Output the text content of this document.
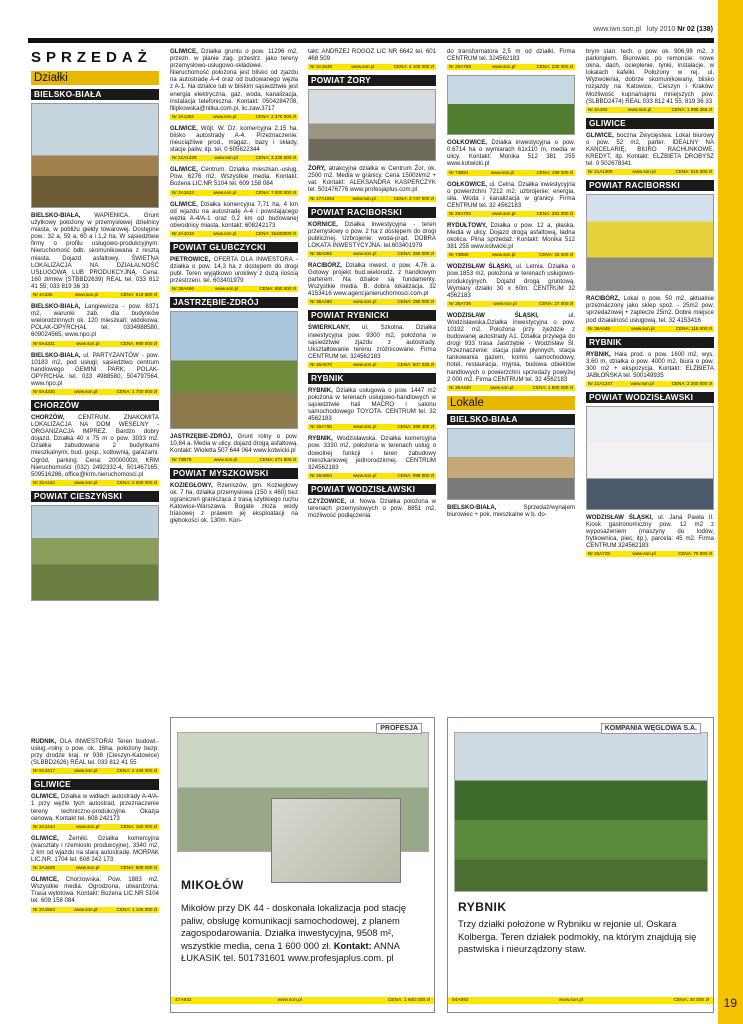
www.iwn.son.pl luty 2010 Nr 02 (138)
19
SPRZEDAŻ
Działki
BIELSKO-BIAŁA

BIELSKO-BIAŁA, WAPIENICA. Grunt użytkowy położony w przemysłowej dzielnicy miasta, w pobliżu giełdy towarowej. Dostępne pow.: 32 a, 59 a, 60 a i 1,2 ha. W sąsiedztwie firmy o profilu usługowo-produkcyjnym. Nieruchomość bdb. skomunikowana z resztą miasta. Dojazd asfaltowy. ŚWIETNA LOKALIZACJA NA DZIAŁALNOŚĆ USŁUGOWĄ LUB PRODUKCYJNĄ. Cena: 160 zł/mkw (STBBD2639) REAL tel. 033 812 41 55; 033 819 36 33

Nr 4A335	www.son.pl	CENA: 518 880 zł

BIELSKO-BIAŁA, Langiewicza - pow. 8371 m2, warunki zab. dla budynków wielorodzinnych ok. 120 mieszkań; widokowa; POLAK-OPYRCHAŁ tel. 0334988580, 609024565, www.npo.pl

Nr 5A4331	www.son.pl	CENA: 990 000 zł

BIELSKO-BIAŁA, ul. PARTYZANTÓW - pow. 10183 m2, pod usługi; sąsiedztwo centrum handlowego GEMINI PARK; POLAK-OPYRCHAŁ tel. 033 4988580, 504797564, www.npo.pl

Nr 5A4330	www.son.pl	CENA: 1 700 000 zł
CHORZÓW

CHORZÓW, CENTRUM. ZNAKOMITA LOKALIZACJA NA DOM WESELNY - ORGANIZACJA IMPREZ. Bardzo dobry dojazd. Działka 40 x 75 m o pow. 3033 m2. Działka zabudowana 2 budynkami mieszkalnymi, bud. gosp., kotłownią, garażami. Ogród, parking. Cena: 2000000zł, KRM Nieruchomości (032) 2492332-4, 501467165, 509516286, office@krm.nieruchomosci.pl

Nr 31A442	www.son.pl	CENA: 2 000 000 zł
POWIAT CIESZYŃSKI

RUDNIK, DLA INWESTORA! Teren budowl.-usług.-rolny o pow. ok. 16ha, położony bezp. przy drodze kraj. nr 938 (Cieszyn-Katowice) (SLBBD2626) REAL tel. 033 812 41 55

Nr 5A4417	www.son.pl	CENA: 2 440 000 zł
GLIWICE

GLIWICE, Działka w widłach autostrady A-4/A-1 przy węźle tych autostrad, przeznaczenie tereny techniczno-produkcyjne. Okazja cenowa. Kontakt tel. 608 242173

Nr 2A1444	www.son.pl	CENA: 150 000 zł

GLIWICE, Żerniki. Działka komercyjna (warsztaty i rzemiosło produkcyjne), 3340 m2, 2 km od wjazdu na starą autostradę. MORPAK LIC.NR. 1704 tel. 608 242 173

Nr 2A1628	www.son.pl	CENA: 500 000 zł

GLIWICE, Chorzowska. Pow. 1883 m2. Wszystkie media. Ogrodzona, utwardzona. Trasa wylotowa. Kontakt: Bożena LIC.NR 5104 tel. 609 158 084

Nr 2A1564	www.son.pl	CENA: 1 100 000 zł

GLIWICE, Działka gruntu o pow. 11296 m2, przezn. w planie zag. przestrz. jako tereny przemysłowo-usługowo-składowe. Nieruchomość położona jest blisko od zjazdu na autostradę A-4 oraz od budowanego węzła z A-1. Na działce lub w bliskim sąsiedztwie jest energia elektryczna, gaz, woda, kanalizacja, instalacja telefoniczna. Kontakt: 0504284708, filipkowska@nitka.com.pl, lic.zaw.3717

Nr 2A1362	www.son.pl	CENA: 2 370 000 zł

GLIWICE, Wójt. W. Dz. komercyjna 2,15 ha, blisko autostrady A-4. Przeznaczenie: nieuciążliwe prod., magaz., bazy i składy, stacje paliw, itp. tel. 0 605622344

Nr 21A1428	www.son.pl	CENA: 3 225 000 zł

GLIWICE, Centrum. Działka mieszkan.-usług. Pow. 6276 m2. Wszystkie media. Kontakt: Bożena LIC.NR 5104 tel. 609 158 084

Nr 2A1623	www.son.pl	CENA: 7 000 000 zł

GLIWICE, Działka komercyjna 7,71 ha, 4 km od wjazdu na autostradę A-4 i powstającego węzła A-4/A-1 oraz 0,2 km od budowanej obwodnicy miasta. kontakt: 608242173

Nr 2A1019	www.son.pl	CENA: 15400000 zł
POWIAT GŁUBCZYCKI

PIETROWICE, OFERTA DLA INWESTORA - działka o pow. 14,3 ha z dostępem do drogi publ. Teren wyjątkowo urokliwy z dużą ilością przestrzeni. tel. 603401979

Nr 36A466	www.son.pl	CENA: 650 000 zł
JASTRZĘBIE-ZDRÓJ

JASTRZĘBIE-ZDRÓJ, Grunt rolny o pow. 10,84 a. Media w ulicy, dojazd drogą asfaltową. Kontakt: Wioletta 507 644 064 www.kotwicki.pl

Nr 73B78	www.son.pl	CENA: 271 600 zł
POWIAT MYSZKOWSKI

KOZIEGŁOWY, Rzeniszów, gm. Koziegłowy ok. 7 ha, działka przemysłowa (150 x 460) bez ograniczeń granicząca z trasą szybkiego ruchu Katowice-Warszawa. Bogate złoża wody triasowej z prawem jej eksploatacji na głębokości ok. 130m. Kon-

takt: ANDRZEJ ROGÓŻ LIC NR 6642 tel. 601 468 509

Nr 2A1549	www.son.pl	CENA: 4 100 000 zł
POWIAT ŻORY

ŻORY, atrakcyjna działka w Centrum Żor, ok. 2500 m2. Media w granicy. Cena 1500zł/m2 + vat. Kontakt: ALEKSANDRA KASPERCZYK tel. 501476776 www.profesjaplus.com.pl

Nr 47A1064	www.son.pl	CENA: 3 747 000 zł
POWIAT RACIBORSKI

KORNICE, Działka inwestycyjna - teren przemysłowy o pow. 2 ha z dostępem do drogi publicznej. Uzbrojenie: woda-prąd. DOBRA LOKATA INWESTYCYJNA. tel.603401979

Nr 36A352	www.son.pl	CENA: 350 000 zł

RACIBÓRZ, Działka inwest. o pow. 4,76 a. Gotowy projekt bud.wielorodz. z handlowym parterem. Na działce są fundamenty. Wszystkie media. B. dobra lokalizacja. 32 4153416 www.agencjanieruchomosci.com.pl

Nr 36A490	www.son.pl	CENA: 150 000 zł
POWIAT RYBNICKI

ŚWIERKLANY, ul. Szkolna. Działka inwestycyjna pow. 9300 m2, położona w sąsiedztwie zjazdu z autostrady. Ukształtowanie terenu zróżnicowane. Firma CENTRUM tel. 324562183

Nr 26A670	www.son.pl	CENA: 507 036 zł
RYBNIK

RYBNIK, Działka usługowa o pow. 1447 m2 położona w terenach usługowo-handlowych w sąsiedztwie hali MACRO i salonu samochodowego TOYOTA. CENTRUM tel. 32 4562183

Nr 26A790	www.son.pl	CENA: 289 400 zł

RYBNIK, Wodzisławska. Działka komercyjna pow. 3330 m2, położona w terenach usług o dowolnej funkcji i teren zabudowy mieszkaniowej jednorodzinnej. CENTRUM 324562183

Nr 26A804	www.son.pl	CENA: 999 000 zł
POWIAT WODZISŁAWSKI

CZYŻOWICE, ul. Nowa. Działka położona w terenach przemysłowych o pow. 8851 m2, możliwość podłączenia

do transformatora 2,5 m od działki. Firma CENTRUM tel. 324562183

Nr 26A759	www.son.pl	CENA: 230 000 zł

GOŁKOWICE, Działka inwestycyjna o pow. 0.6714 ha o wymiarach 61x110 m, media w ulicy. Kontakt: Monika 512 381 255 www.kotwicki.pl

Nr 73B91	www.son.pl	CENA: 199 000 zł

GOŁKOWICE, ul. Celna. Działka inwestycyjna o powierzchni 7212 m2. uzbrojenie: energia, siła. Woda i kanalizacja w granicy. Firma CENTRUM tel. 32 4562183

Nr 26A704	www.son.pl	CENA: 281 000 zł

RYDUŁTOWY, Działka o pow. 12 a, płaska. Media w ulicy. Dojazd drogą asfaltową, ładna okolica. Pilna sprzedaż. Kontakt: Monika 512 381 255 www.kotwicki.pl

Nr 73B86	www.son.pl	CENA: 43 000 zł

WODZISŁAW ŚLĄSKI, ul. Letnia. Działka o pow.1853 m2, położona w terenach usługowo-produkcyjnych. Dojazd drogą gruntową. Wymiary działki 30 x 60m. CENTRUM 32 4562183

Nr 26A736	www.son.pl	CENA: 27 000 zł

WODZISŁAW ŚLĄSKI, ul. Wodzisławska.Działka inwestycyjna o pow. 10192 m2. Położona przy zjeździe z budowanej autostrady A1. Działka przylega do drogi 933 trasa Jastrzębie - Wodzisław Śl. Przeznaczenie: stacja paliw płynnych, stacja tankowania gazem, komis samochodowy, hotel, restauracja, myjnia, budowa obiektów handlowych o powierzchni sprzedaży powyżej 2 000 m2. Firma CENTRUM tel. 32 4562183

Nr 26A440	www.son.pl	CENA: 1 800 000 zł
Lokale
BIELSKO-BIAŁA

BIELSKO-BIAŁA, Sprzedaż/wynajem biurowiec + pok. mieszkalne w b. do-

brym stan. tech. o pow. ok. 906,98 m2, z parkingiem. Biurowiec po remoncie: nowe okna, dach, ocieplenie, tynki, instalacje, w lokalach kafelki. Położony w rej. ul. Wyzwolenia, dobrze skomunikowany, blisko rozjazdy na Katowice, Cieszyn i Kraków. Możliwość kupna/najmu mniejszych pow. (SLBBD2474) REAL 033 812 41 55; 819 36 33

Nr 4A192	www.son.pl	CENA: 1 995 356 zł
GLIWICE

GLIWICE, boczna Zwycięstwa. Lokal biurowy o pow. 52 m2, parter. IDEALNY NA KANCELARIĘ, BIURO RACHUNKOWE, KREDYT, itp. Kontakt: ELŻBIETA DROBYSZ tel. 0 502678341

Nr 21A1309	www.son.pl	CENA: 515 000 zł
POWIAT RACIBORSKI

RACIBÓRZ, Lokal o pow. 50 m2, aktualnie przeznaczony jako sklep spoż. - 25m2 pow. sprzedażowej + zaplecze 25m2. Dobre miejsce pod działalność usługową. tel. 32 4153416

Nr 36A445	www.son.pl	CENA: 115 000 zł
RYBNIK

RYBNIK, Hala prod. o pow. 1600 m2, wys. 3,60 m, działka o pow. 4000 m2, biura o pow. 300 m2 + ekspozycja. Kontakt: ELŻBIETA JABŁOŃSKA tel. 500149935

Nr 21A1247	www.son.pl	CENA: 2 200 000 zł
POWIAT WODZISŁAWSKI

WODZISŁAW ŚLĄSKI, ul. Jana Pawła II. Kiosk gastronomiczny pow. 12 m2 z wyposażeniem (maszyny do lodów, frytkownica, piec, itp.), parcela: 45 m2. Firma CENTRUM 324562183

Nr 26A728	www.son.pl	CENA: 70 000 zł
PROFESJA
MIKOŁÓW
Mikołów przy DK 44 - doskonała lokalizacja pod stację paliw, obsługę komunikacji samochodowej, z planem zagospodarowania. Działka inwestycyjna, 9508 m², wszystkie media, cena 1 600 000 zł. Kontakt: ANNA ŁUKASIK tel. 501731601 www.profesjaplus.com. pl
47A932	www.son.pl	CENA: 1 600 000 zł
KOMPANIA WĘGLOWA S.A.
RYBNIK
Trzy działki położone w Rybniku w rejonie ul. Oskara Kolberga. Teren działek podmokły, na którym znajdują się pastwiska i nieurządzony staw.
94A992	www.son.pl	CENA: 30 000 zł
